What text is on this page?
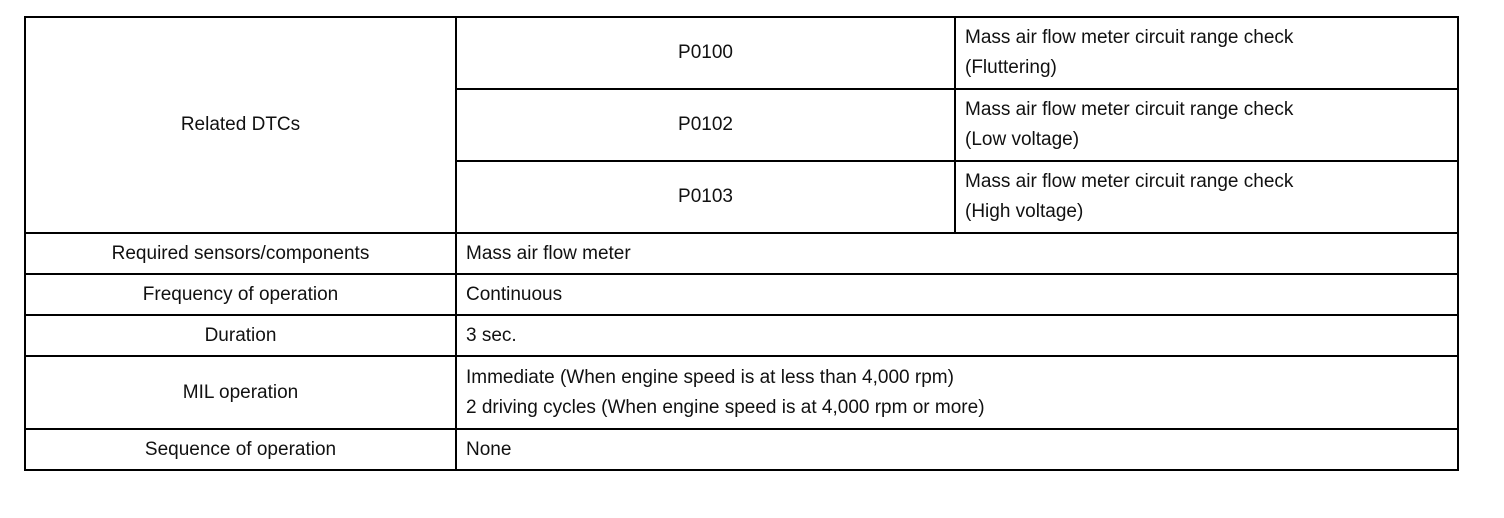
Related DTCs	P0100	Mass air flow meter circuit range check
(Fluttering)

	P0102	Mass air flow meter circuit range check
(Low voltage)

	P0103	Mass air flow meter circuit range check
(High voltage)

Required sensors/components	Mass air flow meter	
Frequency of operation	Continuous	
Duration	3 sec.	
MIL operation	Immediate (When engine speed is at less than 4,000 rpm)
2 driving cycles (When engine speed is at 4,000 rpm or more)	

Sequence of operation	None	
